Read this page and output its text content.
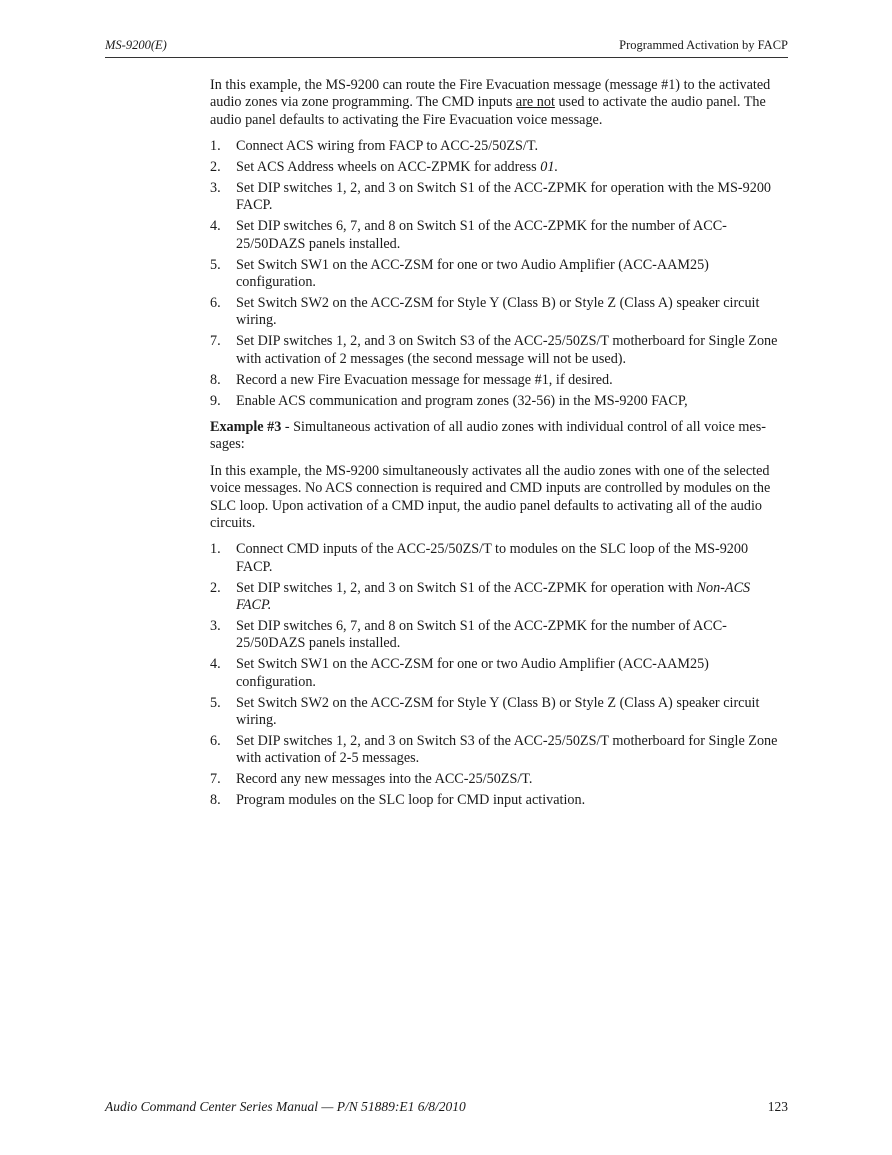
MS-9200(E)	Programmed Activation by FACP

In this example, the MS-9200 can route the Fire Evacuation message (message #1) to the activated audio zones via zone programming. The CMD inputs are not used to activate the audio panel. The audio panel defaults to activating the Fire Evacuation voice message.

1. Connect ACS wiring from FACP to ACC-25/50ZS/T.
2. Set ACS Address wheels on ACC-ZPMK for address 01.
3. Set DIP switches 1, 2, and 3 on Switch S1 of the ACC-ZPMK for operation with the MS-9200 FACP.
4. Set DIP switches 6, 7, and 8 on Switch S1 of the ACC-ZPMK for the number of ACC-25/50DAZS panels installed.
5. Set Switch SW1 on the ACC-ZSM for one or two Audio Amplifier (ACC-AAM25) configuration.
6. Set Switch SW2 on the ACC-ZSM for Style Y (Class B) or Style Z (Class A) speaker circuit wiring.
7. Set DIP switches 1, 2, and 3 on Switch S3 of the ACC-25/50ZS/T motherboard for Single Zone with activation of 2 messages (the second message will not be used).
8. Record a new Fire Evacuation message for message #1, if desired.
9. Enable ACS communication and program zones (32-56) in the MS-9200 FACP,

Example #3 - Simultaneous activation of all audio zones with individual control of all voice mes-sages:

In this example, the MS-9200 simultaneously activates all the audio zones with one of the selected voice messages. No ACS connection is required and CMD inputs are controlled by modules on the SLC loop. Upon activation of a CMD input, the audio panel defaults to activating all of the audio circuits.

1. Connect CMD inputs of the ACC-25/50ZS/T to modules on the SLC loop of the MS-9200 FACP.
2. Set DIP switches 1, 2, and 3 on Switch S1 of the ACC-ZPMK for operation with Non-ACS FACP.
3. Set DIP switches 6, 7, and 8 on Switch S1 of the ACC-ZPMK for the number of ACC-25/50DAZS panels installed.
4. Set Switch SW1 on the ACC-ZSM for one or two Audio Amplifier (ACC-AAM25) configuration.
5. Set Switch SW2 on the ACC-ZSM for Style Y (Class B) or Style Z (Class A) speaker circuit wiring.
6. Set DIP switches 1, 2, and 3 on Switch S3 of the ACC-25/50ZS/T motherboard for Single Zone with activation of 2-5 messages.
7. Record any new messages into the ACC-25/50ZS/T.
8. Program modules on the SLC loop for CMD input activation.
Audio Command Center Series Manual — P/N 51889:E1 6/8/2010	123
